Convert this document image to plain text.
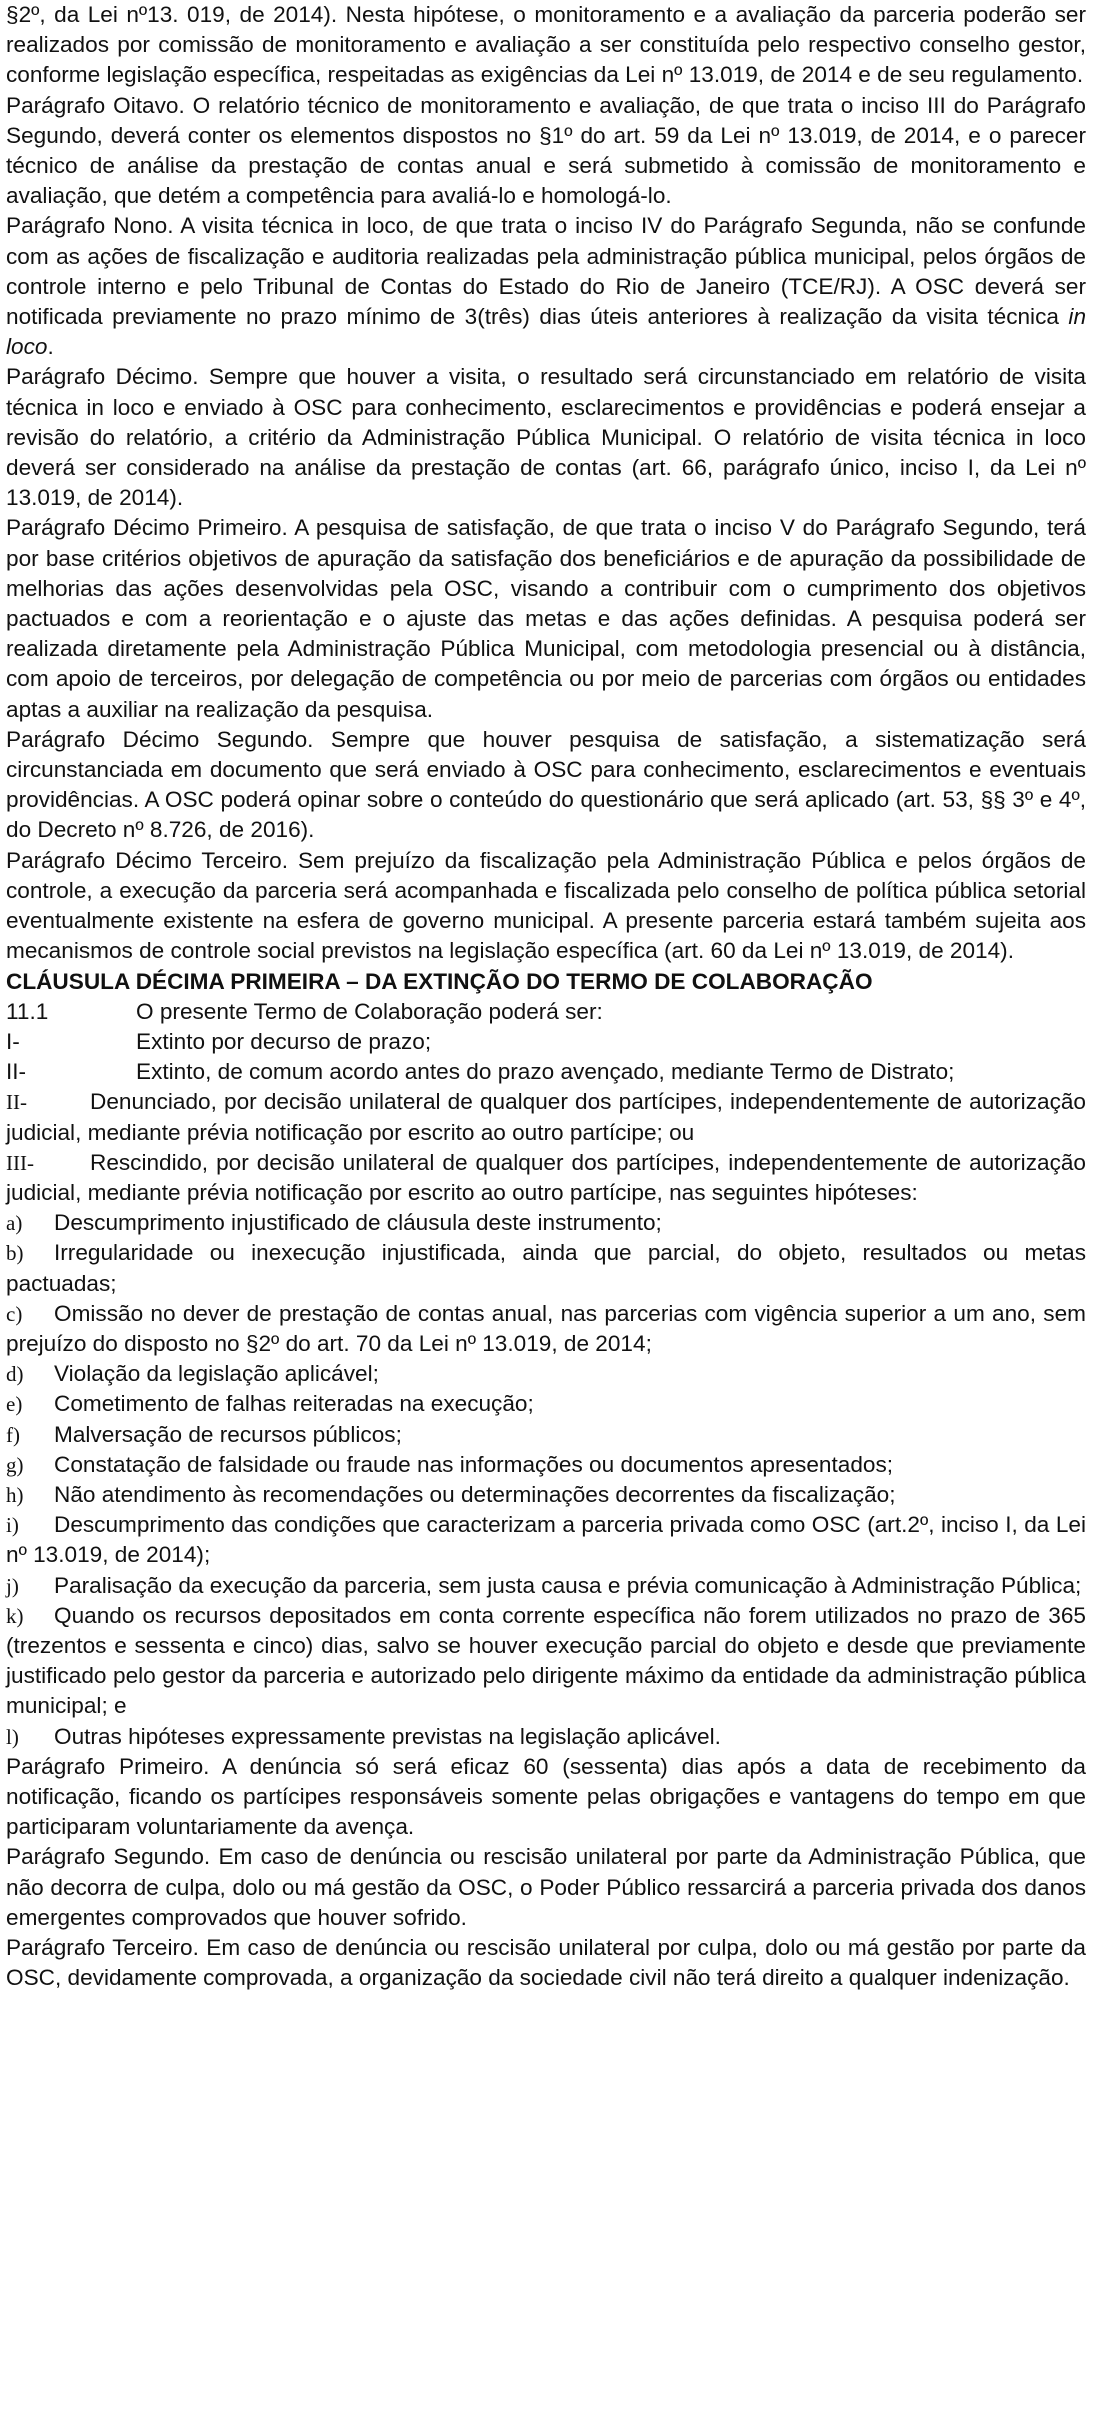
§2º, da Lei nº13. 019, de 2014). Nesta hipótese, o monitoramento e a avaliação da parceria poderão ser realizados por comissão de monitoramento e avaliação a ser constituída pelo respectivo conselho gestor, conforme legislação específica, respeitadas as exigências da Lei nº 13.019, de 2014 e de seu regulamento.

Parágrafo Oitavo. O relatório técnico de monitoramento e avaliação, de que trata o inciso III do Parágrafo Segundo, deverá conter os elementos dispostos no §1º do art. 59 da Lei nº 13.019, de 2014, e o parecer técnico de análise da prestação de contas anual e será submetido à comissão de monitoramento e avaliação, que detém a competência para avaliá-lo e homologá-lo.

Parágrafo Nono. A visita técnica in loco, de que trata o inciso IV do Parágrafo Segunda, não se confunde com as ações de fiscalização e auditoria realizadas pela administração pública municipal, pelos órgãos de controle interno e pelo Tribunal de Contas do Estado do Rio de Janeiro (TCE/RJ). A OSC deverá ser notificada previamente no prazo mínimo de 3(três) dias úteis anteriores à realização da visita técnica in loco.

Parágrafo Décimo. Sempre que houver a visita, o resultado será circunstanciado em relatório de visita técnica in loco e enviado à OSC para conhecimento, esclarecimentos e providências e poderá ensejar a revisão do relatório, a critério da Administração Pública Municipal. O relatório de visita técnica in loco deverá ser considerado na análise da prestação de contas (art. 66, parágrafo único, inciso I, da Lei nº 13.019, de 2014).

Parágrafo Décimo Primeiro. A pesquisa de satisfação, de que trata o inciso V do Parágrafo Segundo, terá por base critérios objetivos de apuração da satisfação dos beneficiários e de apuração da possibilidade de melhorias das ações desenvolvidas pela OSC, visando a contribuir com o cumprimento dos objetivos pactuados e com a reorientação e o ajuste das metas e das ações definidas. A pesquisa poderá ser realizada diretamente pela Administração Pública Municipal, com metodologia presencial ou à distância, com apoio de terceiros, por delegação de competência ou por meio de parcerias com órgãos ou entidades aptas a auxiliar na realização da pesquisa.

Parágrafo Décimo Segundo. Sempre que houver pesquisa de satisfação, a sistematização será circunstanciada em documento que será enviado à OSC para conhecimento, esclarecimentos e eventuais providências. A OSC poderá opinar sobre o conteúdo do questionário que será aplicado (art. 53, §§ 3º e 4º, do Decreto nº 8.726, de 2016).

Parágrafo Décimo Terceiro. Sem prejuízo da fiscalização pela Administração Pública e pelos órgãos de controle, a execução da parceria será acompanhada e fiscalizada pelo conselho de política pública setorial eventualmente existente na esfera de governo municipal. A presente parceria estará também sujeita aos mecanismos de controle social previstos na legislação específica (art. 60 da Lei nº 13.019, de 2014).

CLÁUSULA DÉCIMA PRIMEIRA – DA EXTINÇÃO DO TERMO DE COLABORAÇÃO

11.1	O presente Termo de Colaboração poderá ser:

I-	Extinto por decurso de prazo;

II-	Extinto, de comum acordo antes do prazo avençado, mediante Termo de Distrato;

II-	Denunciado, por decisão unilateral de qualquer dos partícipes, independentemente de autorização judicial, mediante prévia notificação por escrito ao outro partícipe; ou

III- Rescindido, por decisão unilateral de qualquer dos partícipes, independentemente de autorização judicial, mediante prévia notificação por escrito ao outro partícipe, nas seguintes hipóteses:

a) Descumprimento injustificado de cláusula deste instrumento;

b) Irregularidade ou inexecução injustificada, ainda que parcial, do objeto, resultados ou metas pactuadas;

c) Omissão no dever de prestação de contas anual, nas parcerias com vigência superior a um ano, sem prejuízo do disposto no §2º do art. 70 da Lei nº 13.019, de 2014;

d) Violação da legislação aplicável;

e) Cometimento de falhas reiteradas na execução;

f) Malversação de recursos públicos;

g) Constatação de falsidade ou fraude nas informações ou documentos apresentados;

h) Não atendimento às recomendações ou determinações decorrentes da fiscalização;

i) Descumprimento das condições que caracterizam a parceria privada como OSC (art.2º, inciso I, da Lei nº 13.019, de 2014);

j) Paralisação da execução da parceria, sem justa causa e prévia comunicação à Administração Pública;

k) Quando os recursos depositados em conta corrente específica não forem utilizados no prazo de 365 (trezentos e sessenta e cinco) dias, salvo se houver execução parcial do objeto e desde que previamente justificado pelo gestor da parceria e autorizado pelo dirigente máximo da entidade da administração pública municipal; e

l) Outras hipóteses expressamente previstas na legislação aplicável.

Parágrafo Primeiro. A denúncia só será eficaz 60 (sessenta) dias após a data de recebimento da notificação, ficando os partícipes responsáveis somente pelas obrigações e vantagens do tempo em que participaram voluntariamente da avença.

Parágrafo Segundo. Em caso de denúncia ou rescisão unilateral por parte da Administração Pública, que não decorra de culpa, dolo ou má gestão da OSC, o Poder Público ressarcirá a parceria privada dos danos emergentes comprovados que houver sofrido.

Parágrafo Terceiro. Em caso de denúncia ou rescisão unilateral por culpa, dolo ou má gestão por parte da OSC, devidamente comprovada, a organização da sociedade civil não terá direito a qualquer indenização.
